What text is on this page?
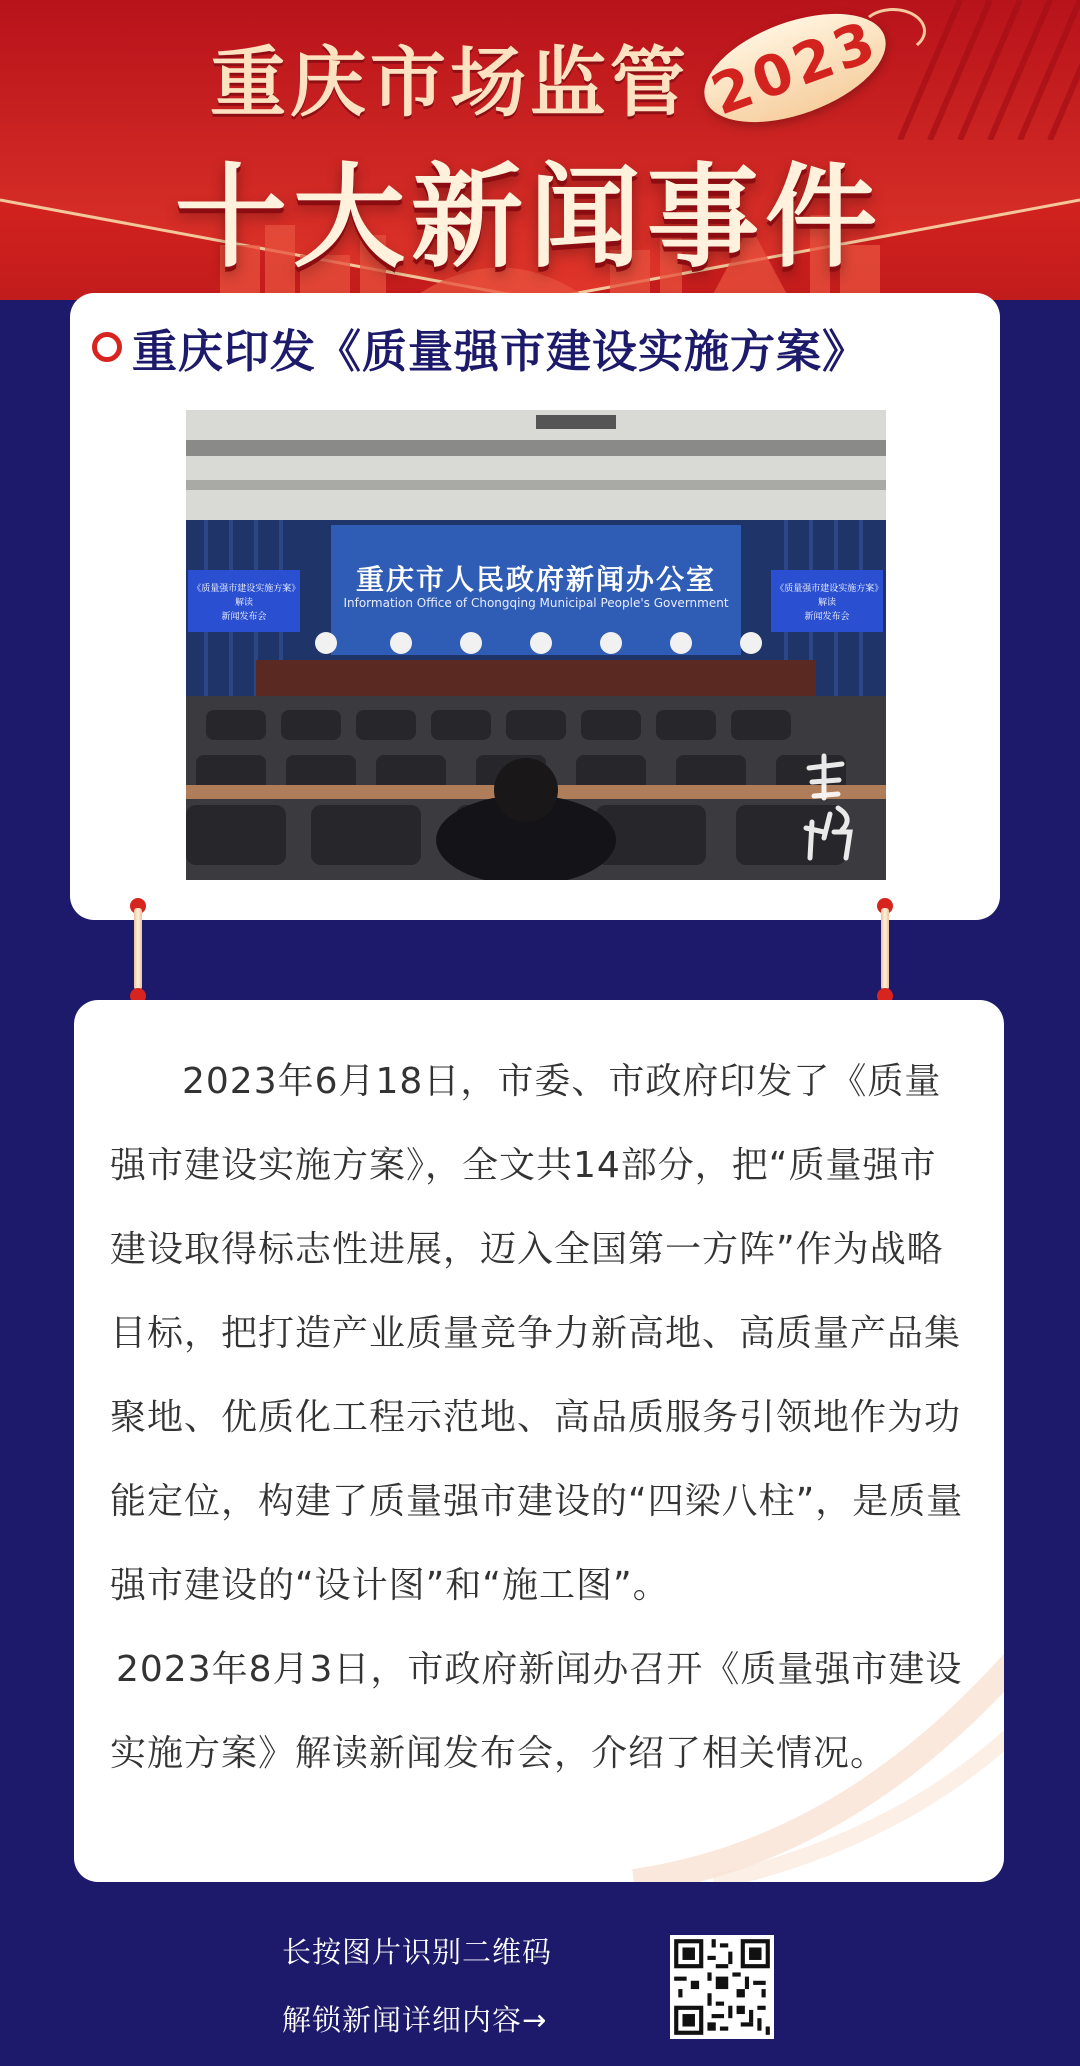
重庆市场监管
十大新闻事件
2023
重庆印发《质量强市建设实施方案》
重庆市人民政府新闻办公室
Information Office of Chongqing Municipal People's Government
《质量强市建设实施方案》解读
新闻发布会
《质量强市建设实施方案》解读
新闻发布会

2023年6月18日，市委、市政府印发了《质量强市建设实施方案》，全文共14部分，把“质量强市建设取得标志性进展，迈入全国第一方阵”作为战略目标，把打造产业质量竞争力新高地、高质量产品集聚地、优质化工程示范地、高品质服务引领地作为功能定位，构建了质量强市建设的“四梁八柱”，是质量强市建设的“设计图”和“施工图”。

2023年8月3日，市政府新闻办召开《质量强市建设实施方案》解读新闻发布会，介绍了相关情况。

长按图片识别二维码
解锁新闻详细内容→
